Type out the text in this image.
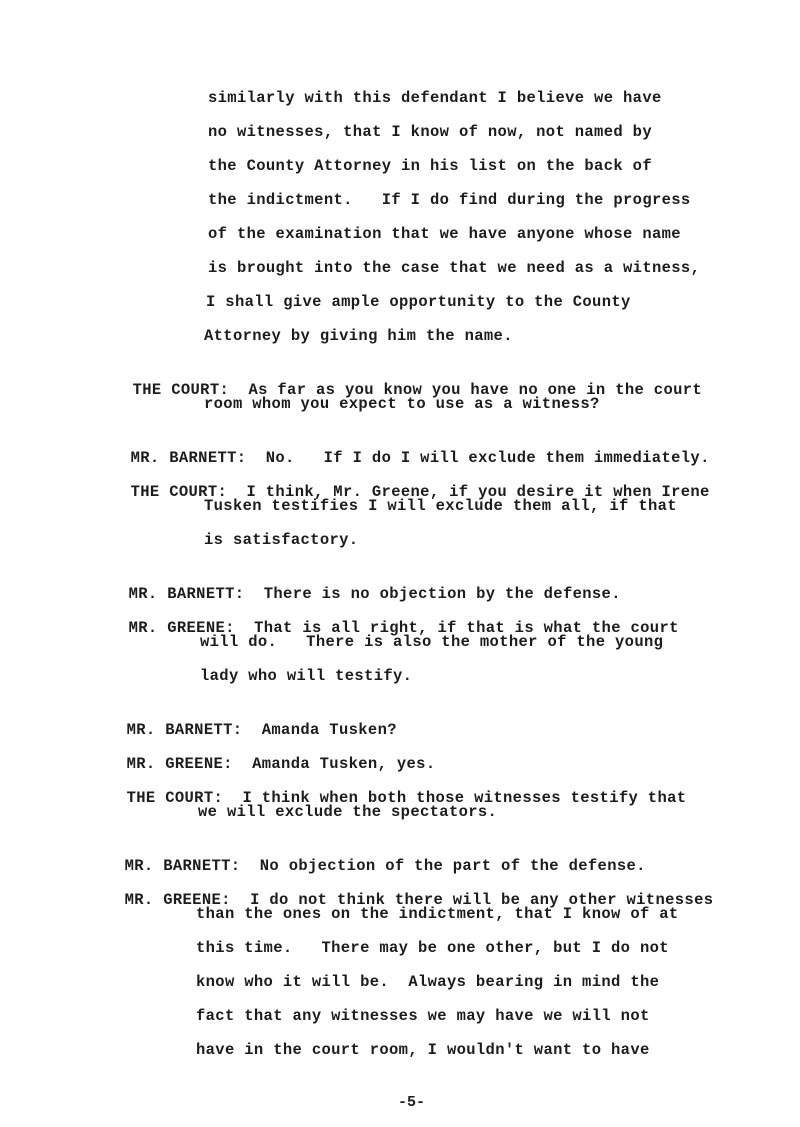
similarly with this defendant I believe we have
no witnesses, that I know of now, not named by
the County Attorney in his list on the back of
the indictment.   If I do find during the progress
of the examination that we have anyone whose name
is brought into the case that we need as a witness,
I shall give ample opportunity to the County
Attorney by giving him the name.

THE COURT: As far as you know you have no one in the court

room whom you expect to use as a witness?

MR. BARNETT: No.   If I do I will exclude them immediately.

THE COURT: I think, Mr. Greene, if you desire it when Irene

Tusken testifies I will exclude them all, if that
is satisfactory.

MR. BARNETT: There is no objection by the defense.

MR. GREENE: That is all right, if that is what the court

will do.   There is also the mother of the young
lady who will testify.

MR. BARNETT: Amanda Tusken?

MR. GREENE: Amanda Tusken, yes.

THE COURT: I think when both those witnesses testify that

we will exclude the spectators.

MR. BARNETT: No objection of the part of the defense.

MR. GREENE: I do not think there will be any other witnesses

than the ones on the indictment, that I know of at
this time.   There may be one other, but I do not
know who it will be.  Always bearing in mind the
fact that any witnesses we may have we will not
have in the court room, I wouldn't want to have
-5-
